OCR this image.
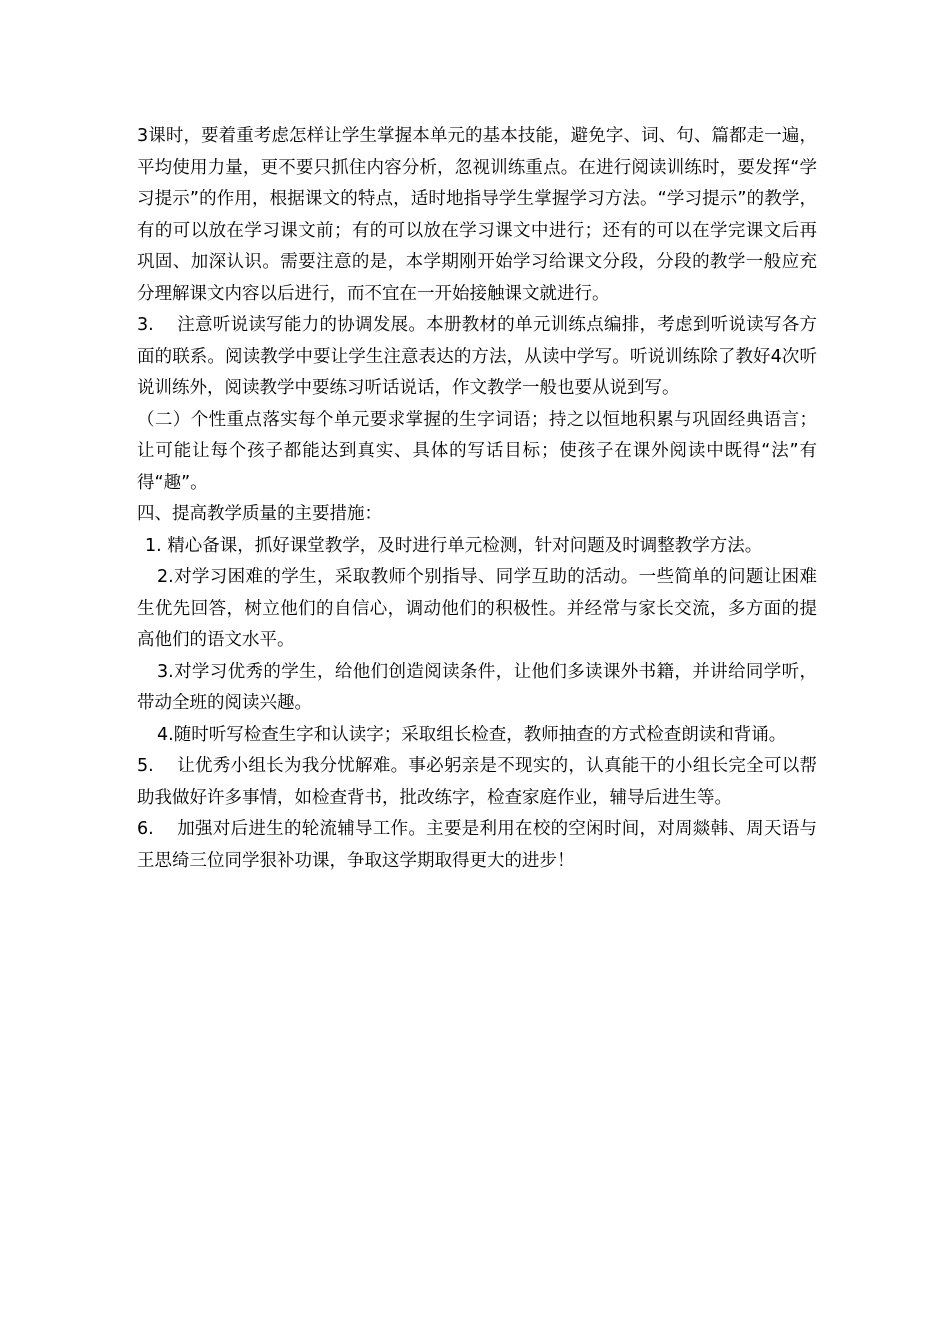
3课时，要着重考虑怎样让学生掌握本单元的基本技能，避免字、词、句、篇都走一遍，平均使用力量，更不要只抓住内容分析，忽视训练重点。在进行阅读训练时，要发挥“学习提示”的作用，根据课文的特点，适时地指导学生掌握学习方法。“学习提示”的教学，有的可以放在学习课文前；有的可以放在学习课文中进行；还有的可以在学完课文后再巩固、加深认识。需要注意的是，本学期刚开始学习给课文分段，分段的教学一般应充分理解课文内容以后进行，而不宜在一开始接触课文就进行。

3. 注意听说读写能力的协调发展。本册教材的单元训练点编排，考虑到听说读写各方面的联系。阅读教学中要让学生注意表达的方法，从读中学写。听说训练除了教好4次听说训练外，阅读教学中要练习听话说话，作文教学一般也要从说到写。

（二）个性重点落实每个单元要求掌握的生字词语；持之以恒地积累与巩固经典语言；让可能让每个孩子都能达到真实、具体的写话目标；使孩子在课外阅读中既得“法”有得“趣”。

四、提高教学质量的主要措施：

1. 精心备课，抓好课堂教学，及时进行单元检测，针对问题及时调整教学方法。

2.对学习困难的学生，采取教师个别指导、同学互助的活动。一些简单的问题让困难生优先回答，树立他们的自信心，调动他们的积极性。并经常与家长交流，多方面的提高他们的语文水平。

3.对学习优秀的学生，给他们创造阅读条件，让他们多读课外书籍，并讲给同学听，带动全班的阅读兴趣。

4.随时听写检查生字和认读字；采取组长检查，教师抽查的方式检查朗读和背诵。

5. 让优秀小组长为我分忧解难。事必躬亲是不现实的，认真能干的小组长完全可以帮助我做好许多事情，如检查背书，批改练字，检查家庭作业，辅导后进生等。

6. 加强对后进生的轮流辅导工作。主要是利用在校的空闲时间，对周燚韩、周天语与王思绮三位同学狠补功课，争取这学期取得更大的进步！
